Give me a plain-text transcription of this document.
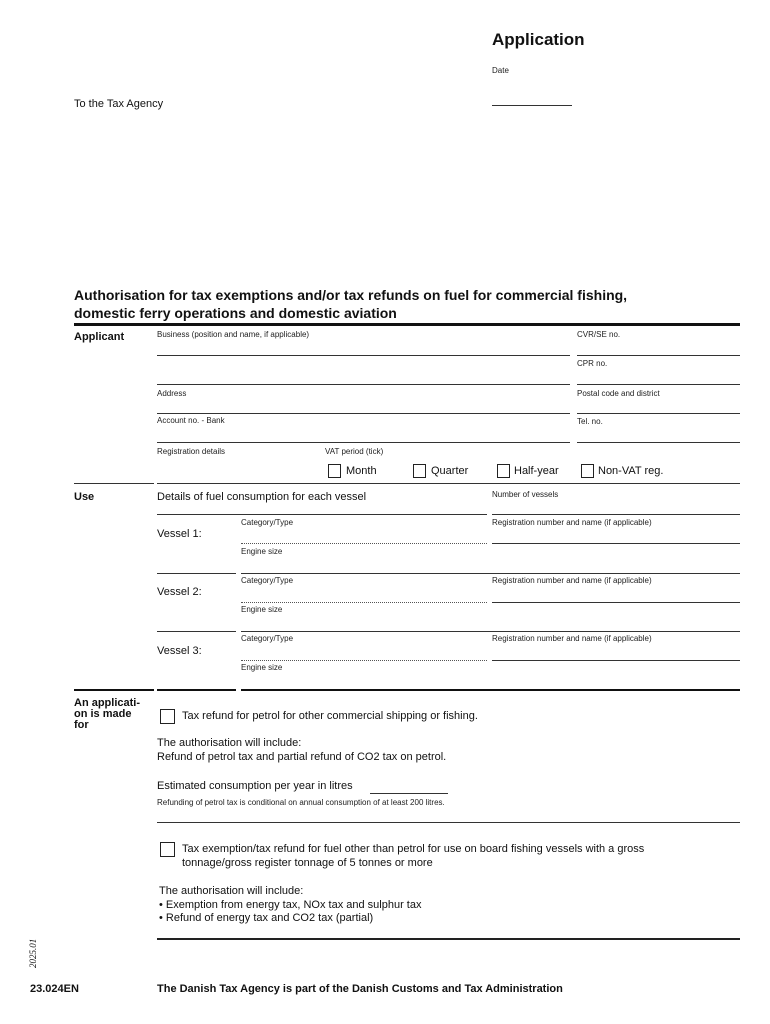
Application
Date
To the Tax Agency
Authorisation for tax exemptions and/or tax refunds on fuel for commercial fishing,
domestic ferry operations and domestic aviation
Applicant	Business (position and name, if applicable)	CVR/SE no.
CPR no.
Address	Postal code and district
Account no. - Bank	Tel. no.
Registration details	VAT period (tick)
Month	Quarter	Half-year	Non-VAT reg.
Use	Details of fuel consumption for each vessel	Number of vessels
Category/Type	Registration number and name (if applicable)
Vessel 1:
Engine size
Category/Type	Registration number and name (if applicable)
Vessel 2:
Engine size
Category/Type	Registration number and name (if applicable)
Vessel 3:
Engine size
An applicati-
on is made
for
Tax refund for petrol for other commercial shipping or fishing.
The authorisation will include:
Refund of petrol tax and partial refund of CO2 tax on petrol.
Estimated consumption per year in litres
Refunding of petrol tax is conditional on annual consumption of at least 200 litres.
Tax exemption/tax refund for fuel other than petrol for use on board fishing vessels with a gross
tonnage/gross register tonnage of 5 tonnes or more
The authorisation will include:
• Exemption from energy tax, NOx tax and sulphur tax
• Refund of energy tax and CO2 tax (partial)
2025.01
23.024EN	The Danish Tax Agency is part of the Danish Customs and Tax Administration
